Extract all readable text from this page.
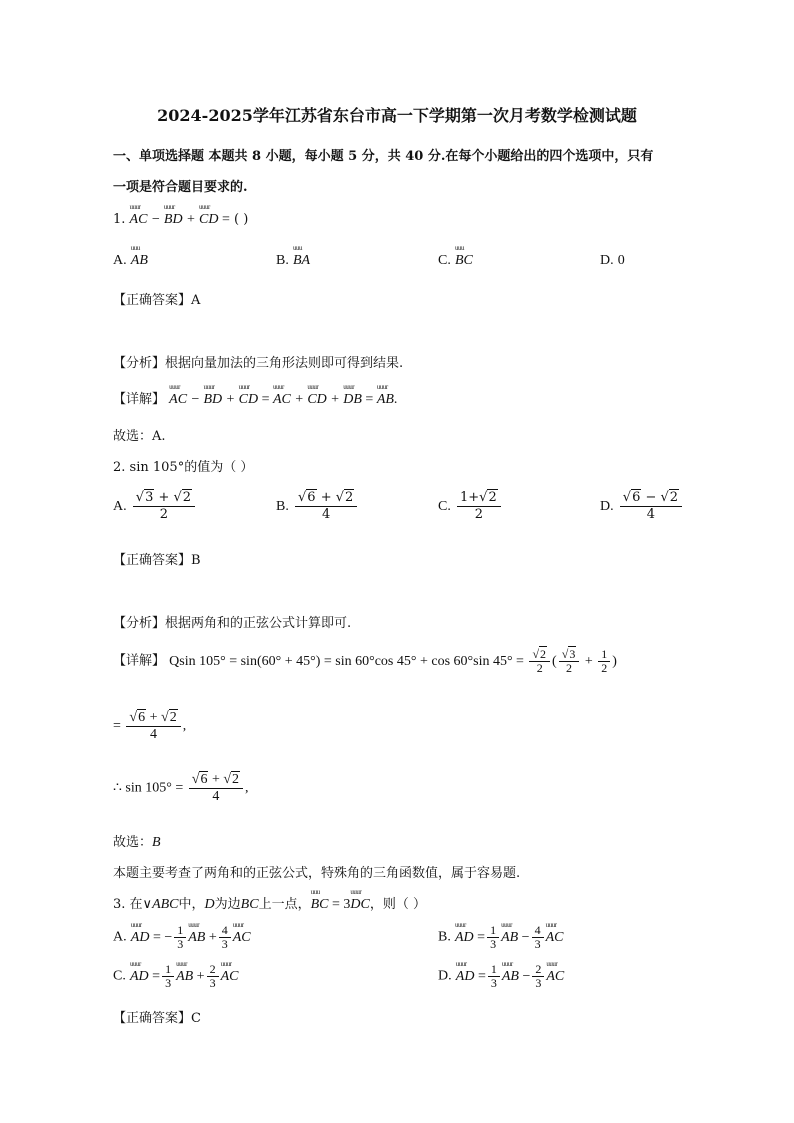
2024-2025学年江苏省东台市高一下学期第一次月考数学检测试题
一、单项选择题 本题共 8 小题，每小题 5 分，共 40 分.在每个小题给出的四个选项中，只有
一项是符合题目要求的.
1. uuur AC − uuur BD + uuur CD = ( )
A. uuu AB	B. uuu BA	C. uuu BC	D. 0
【正确答案】A
【分析】根据向量加法的三角形法则即可得到结果.
【详解】 uuur AC − uuur BD + uuur CD = uuur AC + uuur CD + uuur DB = uuur AB.
故选：A.
2. sin 105°的值为（ ）
A. $\frac{√3 + √2}{2}$	B. $\frac{√6 + √2}{4}$	C. $\frac{1+√2}{2}$	D. $\frac{√6 - √2}{4}$
【正确答案】B
【分析】根据两角和的正弦公式计算即可.
【详解】 Qsin 105° = sin(60° + 45°) = sin 60°cos 45° + cos 60°sin $45^\circ = \frac{√2}{2}$ ( $\frac{√3}{2} + \frac{1}{2}$ )
= $\frac{√6 + √2}{4}$ ,
∴ $\sin 105^\circ = \frac{√6 + √2}{4}$ ,
故选：B
本题主要考查了两角和的正弦公式，特殊角的三角函数值，属于容易题.
3. 在∨ABC中，D为边BC上一点，uuu BC = 3uuur DC，则（ ）
A. uuur AD = − $\frac{1}{3}$ uuur AB + $\frac{4}{3}$ uuur AC	B. uuur AD = $\frac{1}{3}$ uuur AB − $\frac{4}{3}$ uuur AC
C. uuur AD = $\frac{1}{3}$ uuur AB + $\frac{2}{3}$ uuur AC	D. uuur AD = $\frac{1}{3}$ uuur AB − $\frac{2}{3}$ uuur AC
【正确答案】C
